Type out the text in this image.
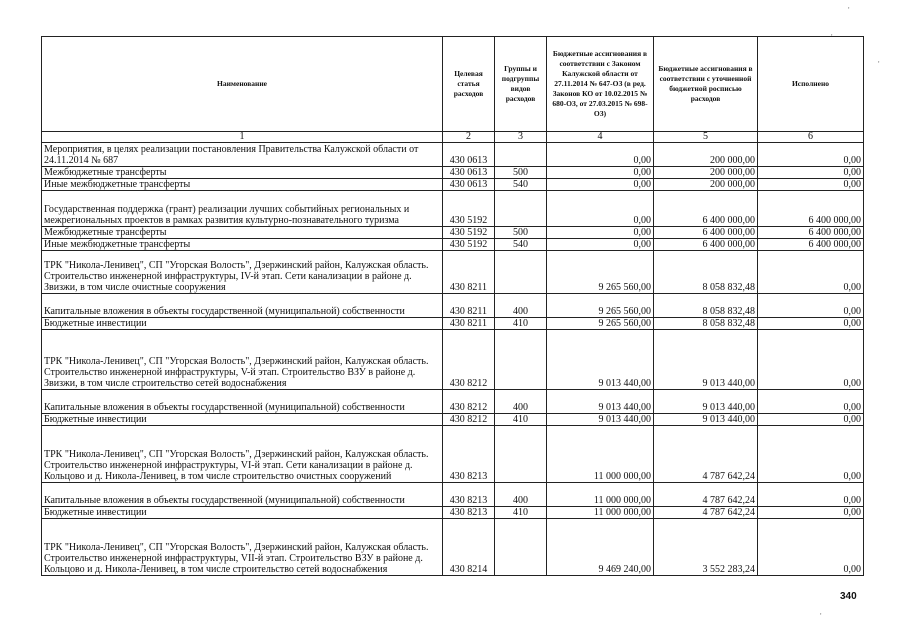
Наименование	Целевая статья расходов	Группы и подгруппы видов расходов	Бюджетные ассигнования в соответствии с Законом Калужской области от 27.11.2014 № 647-ОЗ (в ред. Законов КО от 10.02.2015 № 680-ОЗ, от 27.03.2015 № 698-ОЗ)	Бюджетные ассигнования в соответствии с уточненной бюджетной росписью расходов	Исполнено
1	2	3	4	5	6
Мероприятия, в целях реализации постановления Правительства Калужской области от 24.11.2014 № 687	430 0613		0,00	200 000,00	0,00
Межбюджетные трансферты	430 0613	500	0,00	200 000,00	0,00
Иные межбюджетные трансферты	430 0613	540	0,00	200 000,00	0,00
Государственная поддержка (грант) реализации лучших событийных региональных и межрегиональных проектов в рамках развития культурно-познавательного туризма	430 5192		0,00	6 400 000,00	6 400 000,00
Межбюджетные трансферты	430 5192	500	0,00	6 400 000,00	6 400 000,00
Иные межбюджетные трансферты	430 5192	540	0,00	6 400 000,00	6 400 000,00
ТРК "Никола-Ленивец", СП "Угорская Волость", Дзержинский район, Калужская область. Строительство инженерной инфраструктуры, IV-й этап. Сети канализации в районе д. Звизжи, в том числе очистные сооружения	430 8211		9 265 560,00	8 058 832,48	0,00
Капитальные вложения в объекты государственной (муниципальной) собственности	430 8211	400	9 265 560,00	8 058 832,48	0,00
Бюджетные инвестиции	430 8211	410	9 265 560,00	8 058 832,48	0,00
ТРК "Никола-Ленивец", СП "Угорская Волость", Дзержинский район, Калужская область. Строительство инженерной инфраструктуры, V-й этап. Строительство ВЗУ в районе д. Звизжи, в том числе строительство сетей водоснабжения	430 8212		9 013 440,00	9 013 440,00	0,00
Капитальные вложения в объекты государственной (муниципальной) собственности	430 8212	400	9 013 440,00	9 013 440,00	0,00
Бюджетные инвестиции	430 8212	410	9 013 440,00	9 013 440,00	0,00
ТРК "Никола-Ленивец", СП "Угорская Волость", Дзержинский район, Калужская область. Строительство инженерной инфраструктуры, VI-й этап. Сети канализации в районе д. Кольцово и д. Никола-Ленивец, в том числе строительство очистных сооружений	430 8213		11 000 000,00	4 787 642,24	0,00
Капитальные вложения в объекты государственной (муниципальной) собственности	430 8213	400	11 000 000,00	4 787 642,24	0,00
Бюджетные инвестиции	430 8213	410	11 000 000,00	4 787 642,24	0,00
ТРК "Никола-Ленивец", СП "Угорская Волость", Дзержинский район, Калужская область. Строительство инженерной инфраструктуры, VII-й этап. Строительство ВЗУ в районе д. Кольцово и д. Никола-Ленивец, в том числе строительство сетей водоснабжения	430 8214		9 469 240,00	3 552 283,24	0,00
340
'
'
'
'
